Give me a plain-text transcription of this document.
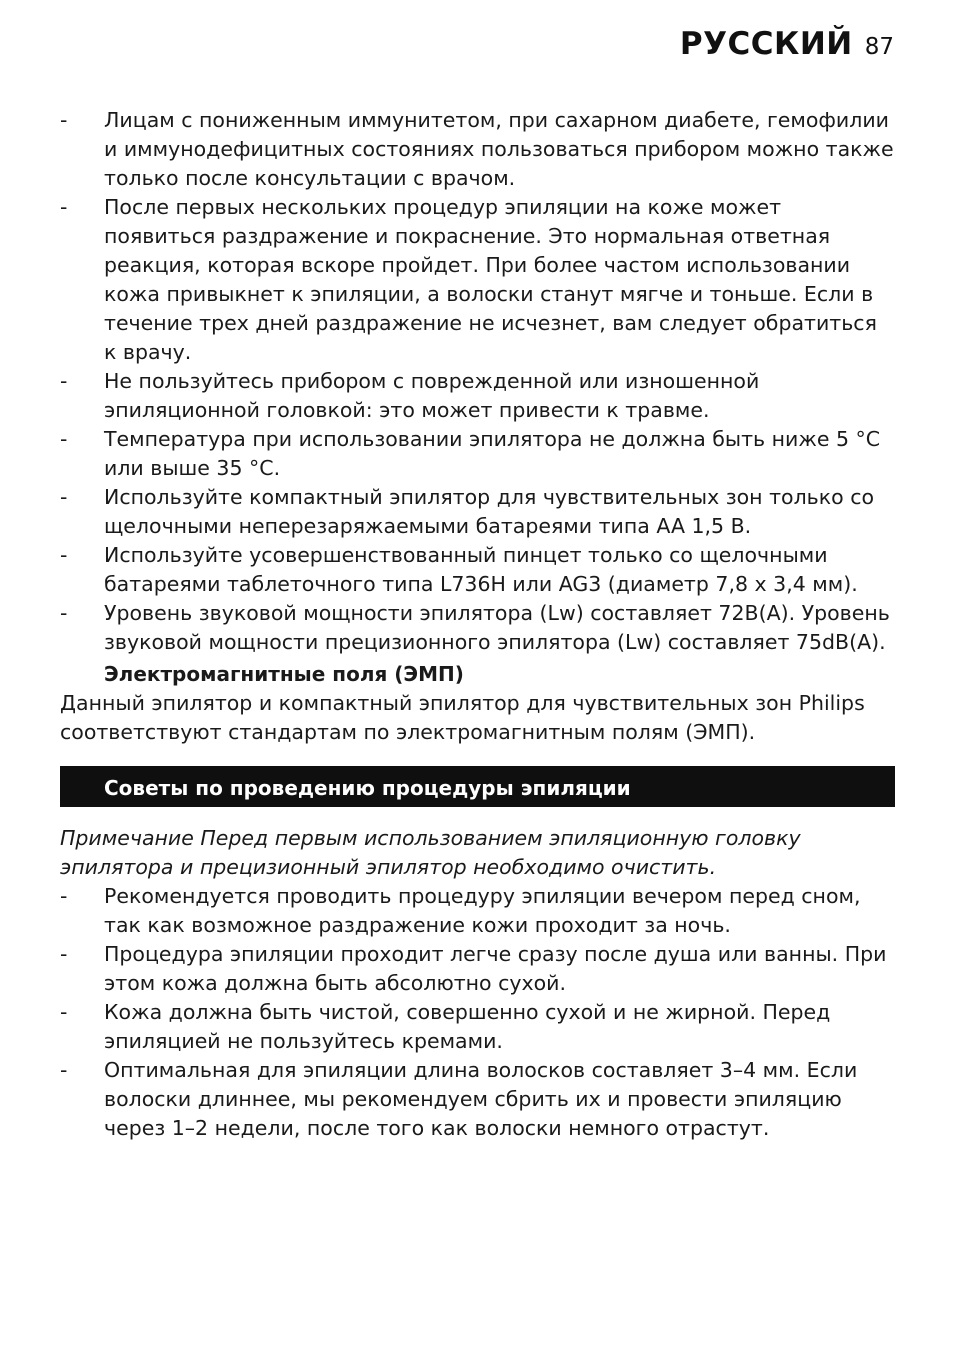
РУССКИЙ 87
- Лицам с пониженным иммунитетом, при сахарном диабете, гемофилии и иммунодефицитных состояниях пользоваться прибором можно также только после консультации с врачом.
- После первых нескольких процедур эпиляции на коже может появиться раздражение и покраснение. Это нормальная ответная реакция, которая вскоре пройдет. При более частом использовании кожа привыкнет к эпиляции, а волоски станут мягче и тоньше. Если в течение трех дней раздражение не исчезнет, вам следует обратиться к врачу.
- Не пользуйтесь прибором с поврежденной или изношенной эпиляционной головкой: это может привести к травме.
- Температура при использовании эпилятора не должна быть ниже 5 °C или выше 35 °C.
- Используйте компактный эпилятор для чувствительных зон только со щелочными неперезаряжаемыми батареями типа AA 1,5 В.
- Используйте усовершенствованный пинцет только со щелочными батареями таблеточного типа L736H или AG3 (диаметр 7,8 x 3,4 мм).
- Уровень звуковой мощности эпилятора (Lw) составляет 72В(А). Уровень звуковой мощности прецизионного эпилятора (Lw) составляет 75dB(A).
Электромагнитные поля (ЭМП)

Данный эпилятор и компактный эпилятор для чувствительных зон Philips соответствуют стандартам по электромагнитным полям (ЭМП).

Советы по проведению процедуры эпиляции

Примечание Перед первым использованием эпиляционную головку эпилятора и прецизионный эпилятор необходимо очистить.

- Рекомендуется проводить процедуру эпиляции вечером перед сном, так как возможное раздражение кожи проходит за ночь.
- Процедура эпиляции проходит легче сразу после душа или ванны. При этом кожа должна быть абсолютно сухой.
- Кожа должна быть чистой, совершенно сухой и не жирной. Перед эпиляцией не пользуйтесь кремами.
- Оптимальная для эпиляции длина волосков составляет 3–4 мм. Если волоски длиннее, мы рекомендуем сбрить их и провести эпиляцию через 1–2 недели, после того как волоски немного отрастут.
